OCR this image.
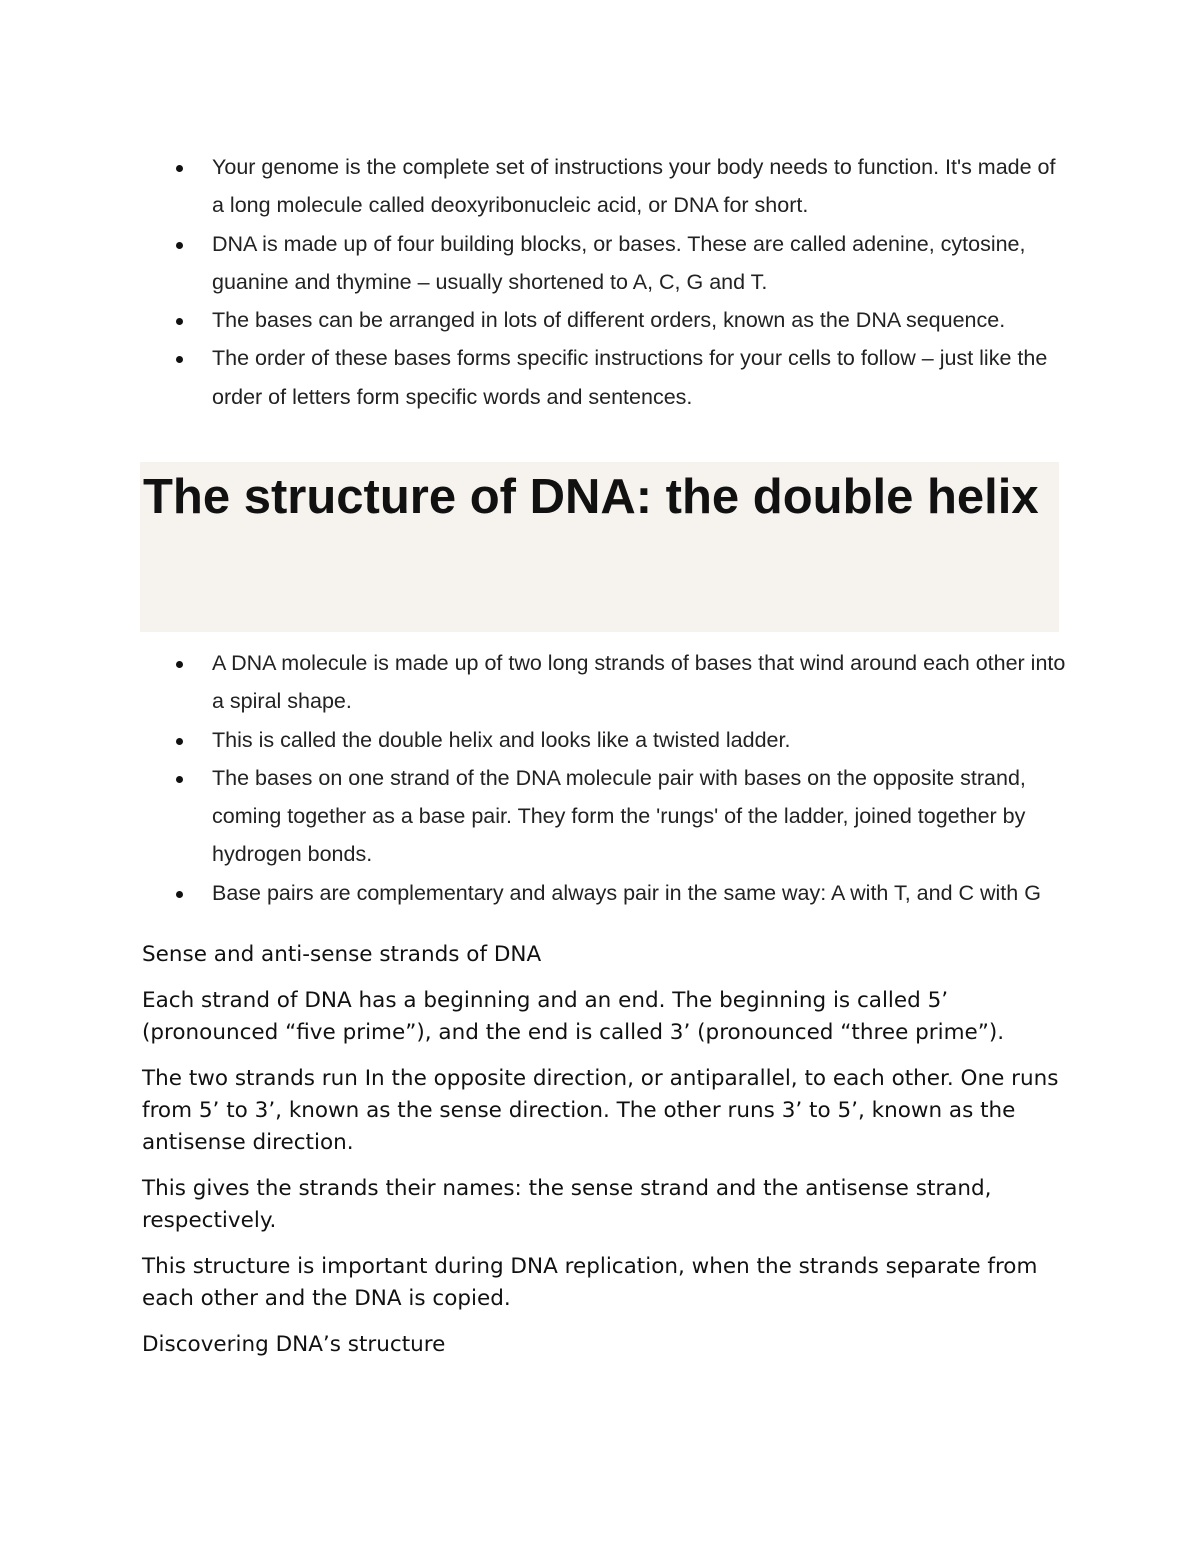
Your genome is the complete set of instructions your body needs to function. It's made of a long molecule called deoxyribonucleic acid, or DNA for short.
DNA is made up of four building blocks, or bases. These are called adenine, cytosine, guanine and thymine – usually shortened to A, C, G and T.
The bases can be arranged in lots of different orders, known as the DNA sequence.
The order of these bases forms specific instructions for your cells to follow – just like the order of letters form specific words and sentences.
The structure of DNA: the double helix
A DNA molecule is made up of two long strands of bases that wind around each other into a spiral shape.
This is called the double helix and looks like a twisted ladder.
The bases on one strand of the DNA molecule pair with bases on the opposite strand, coming together as a base pair. They form the 'rungs' of the ladder, joined together by hydrogen bonds.
Base pairs are complementary and always pair in the same way: A with T, and C with G

Sense and anti-sense strands of DNA

Each strand of DNA has a beginning and an end. The beginning is called 5’ (pronounced “five prime”), and the end is called 3’ (pronounced “three prime”).

The two strands run In the opposite direction, or antiparallel, to each other. One runs from 5’ to 3’, known as the sense direction. The other runs 3’ to 5’, known as the antisense direction.

This gives the strands their names: the sense strand and the antisense strand, respectively.

This structure is important during DNA replication, when the strands separate from each other and the DNA is copied.

Discovering DNA’s structure
